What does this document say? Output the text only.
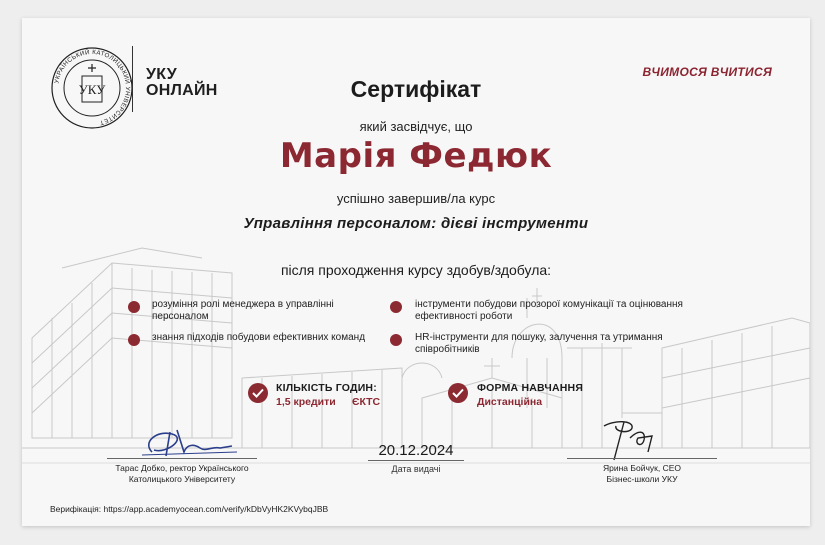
УКРАЇНСЬКИЙ КАТОЛИЦЬКИЙ УНІВЕРСИТЕТ
УКУ
УКУ
ОНЛАЙН
ВЧИМОСЯ ВЧИТИСЯ
Сертифікат
який засвідчує, що
Марія Федюк
успішно завершив/ла курс
Управління персоналом: дієві інструменти
після проходження курсу здобув/здобула:
розуміння ролі менеджера в управлінні персоналом
знання підходів побудови ефективних команд
інструменти побудови прозорої комунікації та оцінювання ефективності роботи
HR-інструменти для пошуку, залучення та утримання співробітників
КІЛЬКІСТЬ ГОДИН:
1,5 кредити ЄКТС
ФОРМА НАВЧАННЯ
Дистанційна
Тарас Добко, ректор Українського
Католицького Університету
20.12.2024
Дата видачі	Ярина Бойчук, CEO
Бізнес-школи УКУ
Верифікація: https://app.academyocean.com/verify/kDbVyHK2KVybqJBB
